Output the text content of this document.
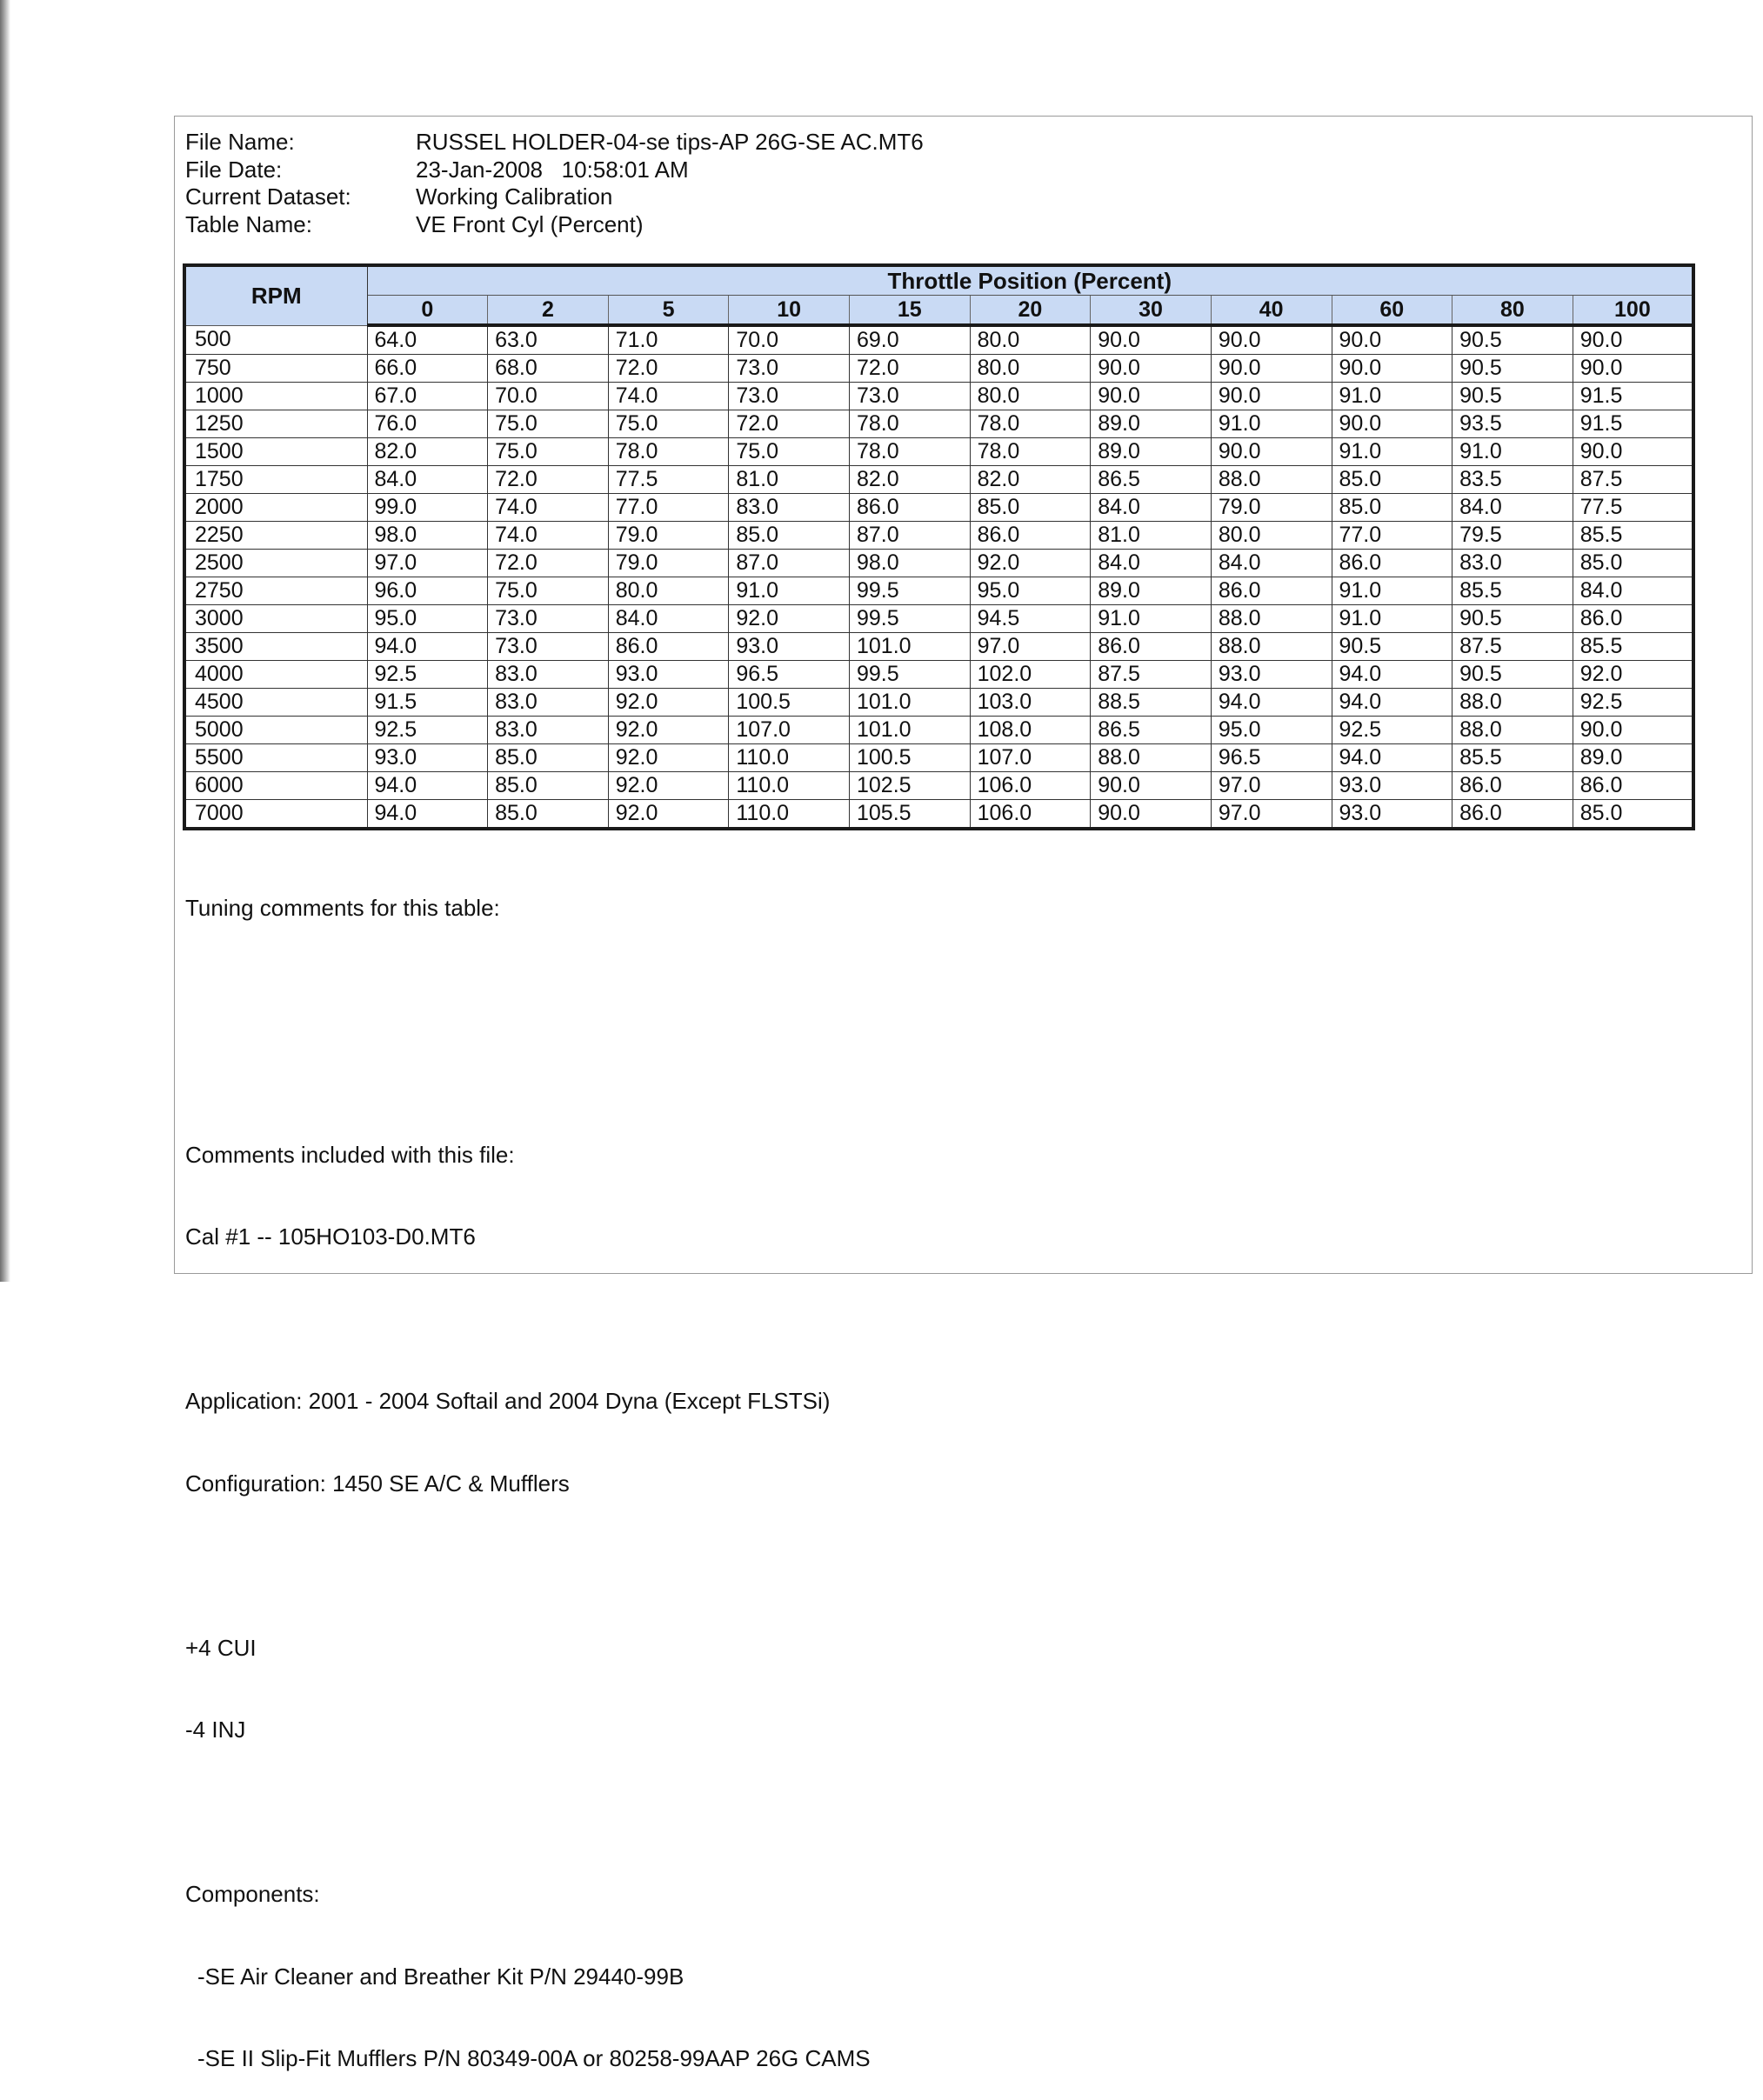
File Name:	RUSSEL HOLDER-04-se tips-AP 26G-SE AC.MT6
File Date:	23-Jan-2008   10:58:01 AM
Current Dataset:	Working Calibration
Table Name:	VE Front Cyl (Percent)
RPM	Throttle Position (Percent)										
	0	2	5	10	15	20	30	40	60	80	100
500	64.0	63.0	71.0	70.0	69.0	80.0	90.0	90.0	90.0	90.5	90.0
750	66.0	68.0	72.0	73.0	72.0	80.0	90.0	90.0	90.0	90.5	90.0
1000	67.0	70.0	74.0	73.0	73.0	80.0	90.0	90.0	91.0	90.5	91.5
1250	76.0	75.0	75.0	72.0	78.0	78.0	89.0	91.0	90.0	93.5	91.5
1500	82.0	75.0	78.0	75.0	78.0	78.0	89.0	90.0	91.0	91.0	90.0
1750	84.0	72.0	77.5	81.0	82.0	82.0	86.5	88.0	85.0	83.5	87.5
2000	99.0	74.0	77.0	83.0	86.0	85.0	84.0	79.0	85.0	84.0	77.5
2250	98.0	74.0	79.0	85.0	87.0	86.0	81.0	80.0	77.0	79.5	85.5
2500	97.0	72.0	79.0	87.0	98.0	92.0	84.0	84.0	86.0	83.0	85.0
2750	96.0	75.0	80.0	91.0	99.5	95.0	89.0	86.0	91.0	85.5	84.0
3000	95.0	73.0	84.0	92.0	99.5	94.5	91.0	88.0	91.0	90.5	86.0
3500	94.0	73.0	86.0	93.0	101.0	97.0	86.0	88.0	90.5	87.5	85.5
4000	92.5	83.0	93.0	96.5	99.5	102.0	87.5	93.0	94.0	90.5	92.0
4500	91.5	83.0	92.0	100.5	101.0	103.0	88.5	94.0	94.0	88.0	92.5
5000	92.5	83.0	92.0	107.0	101.0	108.0	86.5	95.0	92.5	88.0	90.0
5500	93.0	85.0	92.0	110.0	100.5	107.0	88.0	96.5	94.0	85.5	89.0
6000	94.0	85.0	92.0	110.0	102.5	106.0	90.0	97.0	93.0	86.0	86.0
7000	94.0	85.0	92.0	110.0	105.5	106.0	90.0	97.0	93.0	86.0	85.0

Tuning comments for this table:

Comments included with this file:

Cal #1 -- 105HO103-D0.MT6

Application: 2001 - 2004 Softail and 2004 Dyna (Except FLSTSi)

Configuration: 1450 SE A/C & Mufflers

+4 CUI

-4 INJ

Components:

-SE Air Cleaner and Breather Kit P/N 29440-99B

-SE II Slip-Fit Mufflers P/N 80349-00A or 80258-99AAP 26G CAMS
